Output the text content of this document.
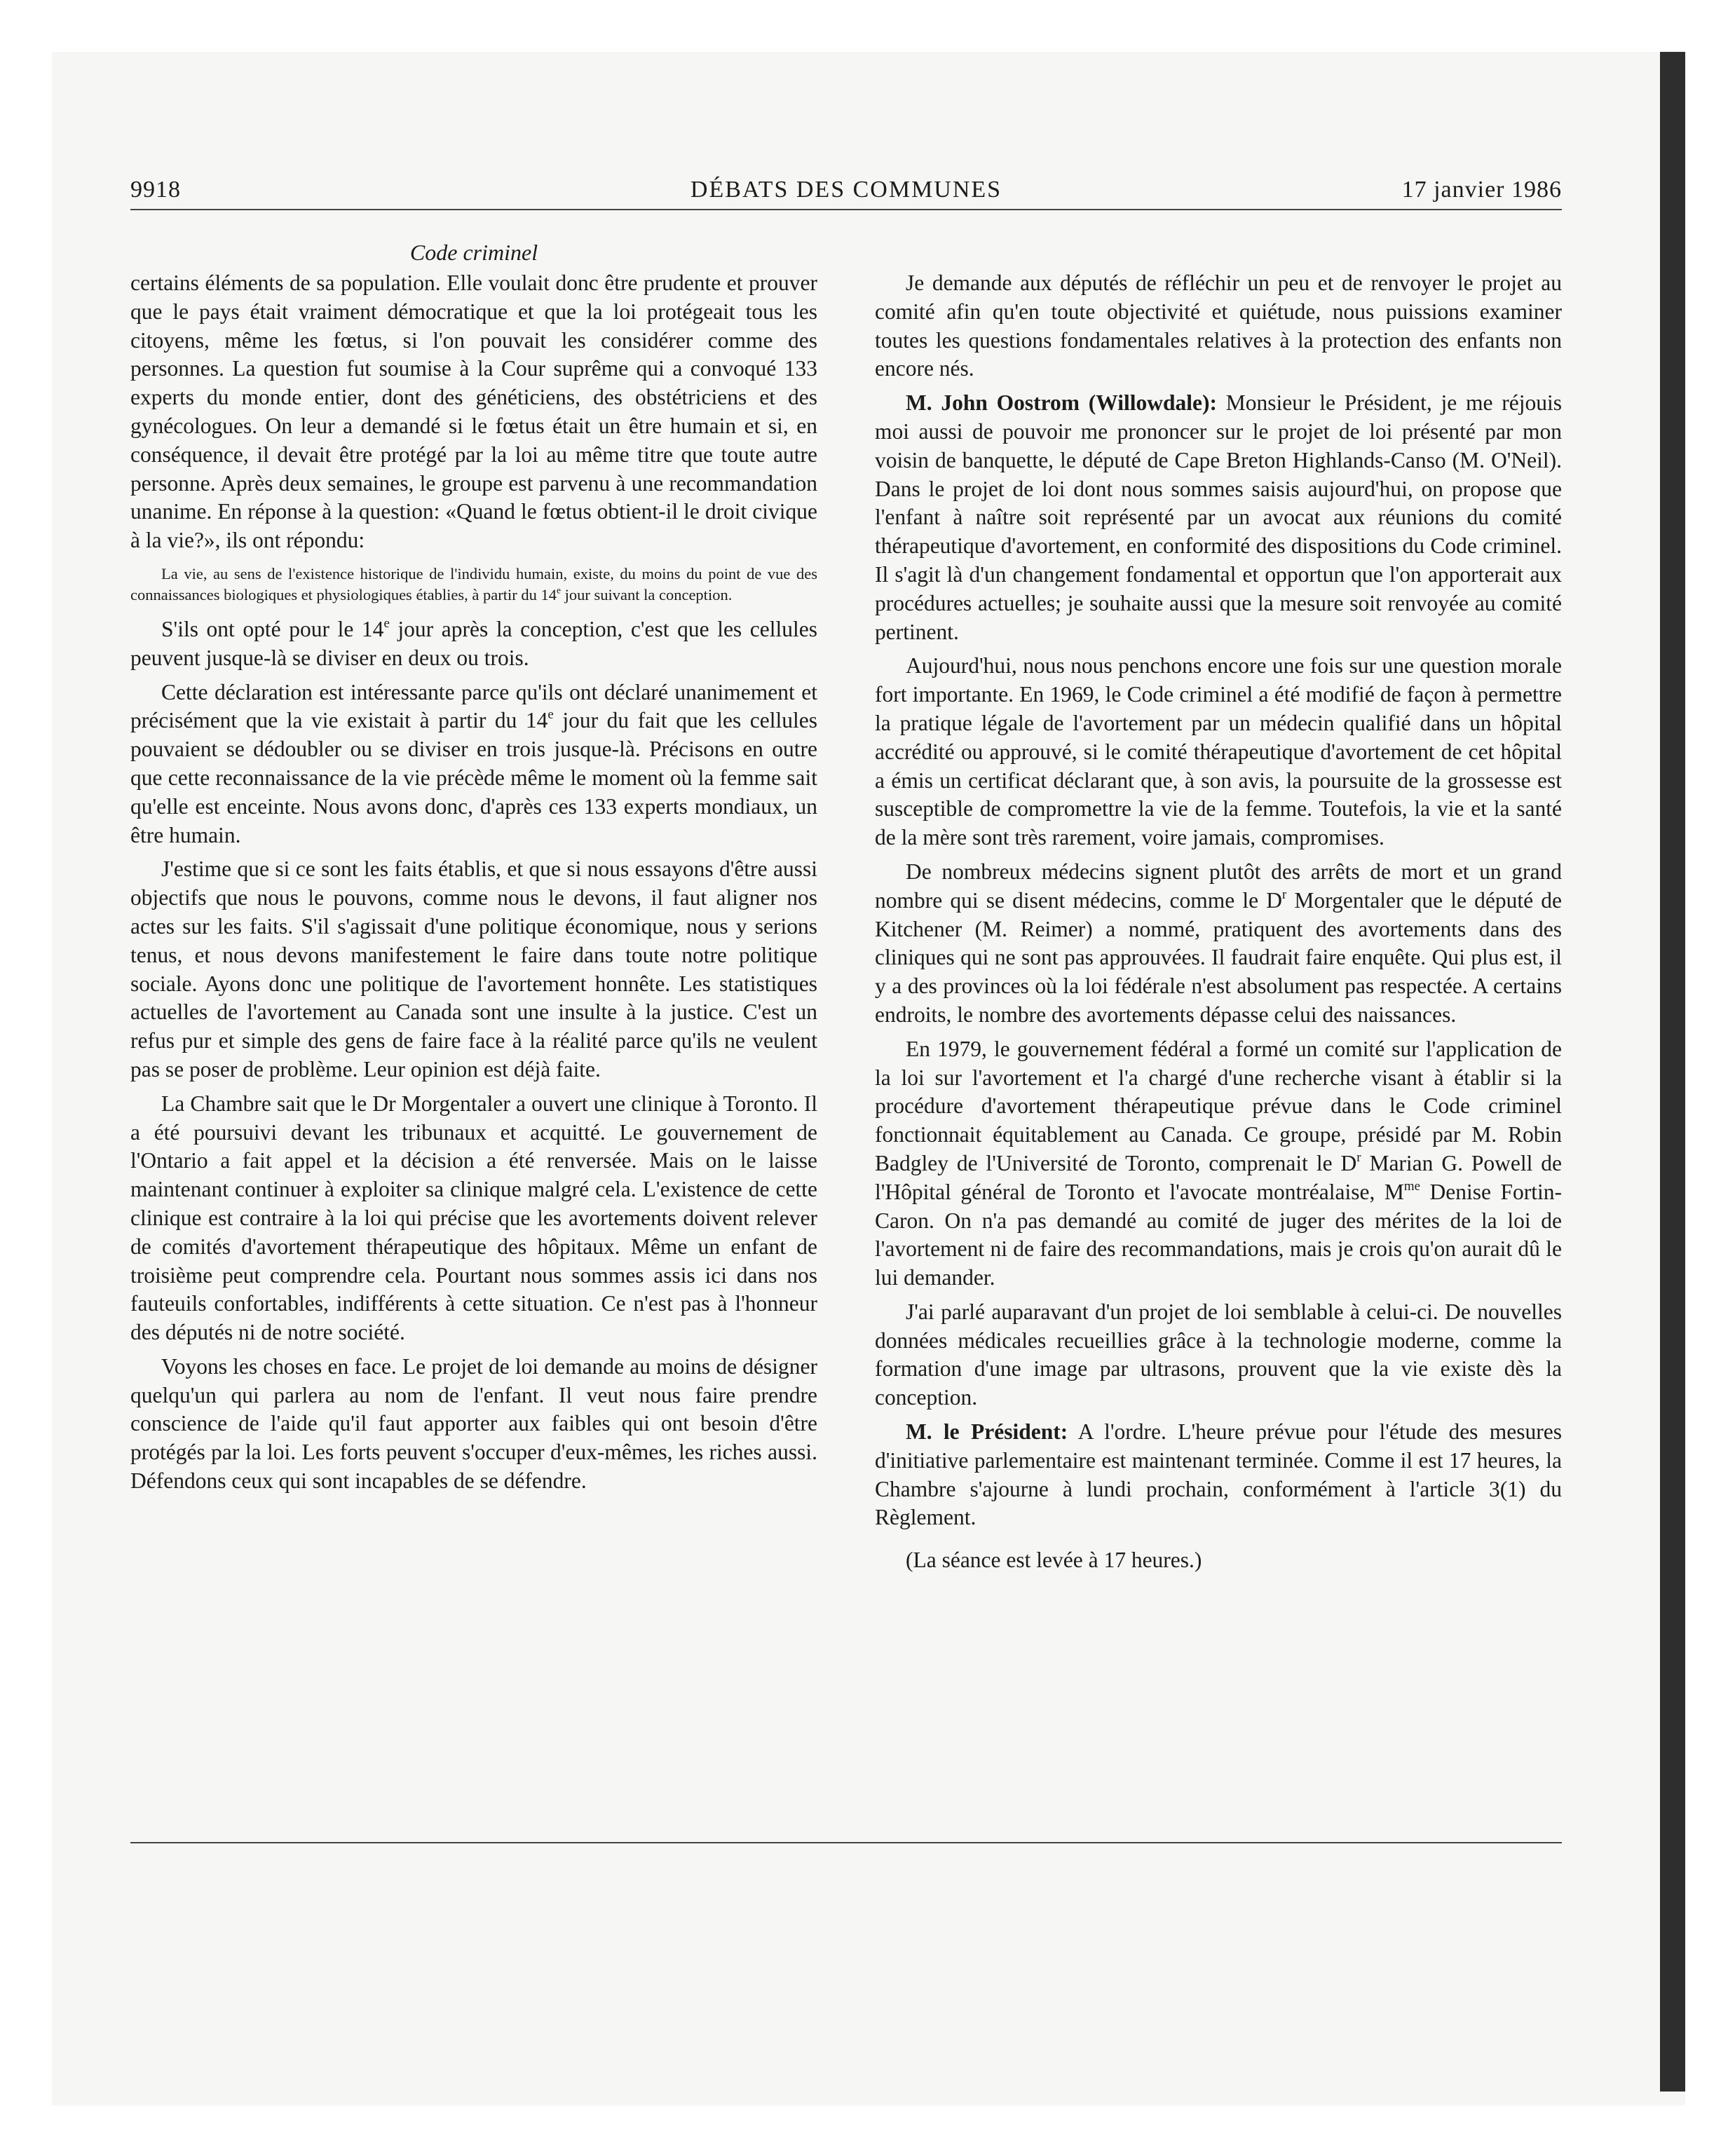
DÉBATS DES COMMUNES
9918	17 janvier 1986
Code criminel

certains éléments de sa population. Elle voulait donc être prudente et prouver que le pays était vraiment démocratique et que la loi protégeait tous les citoyens, même les fœtus, si l'on pouvait les considérer comme des personnes. La question fut soumise à la Cour suprême qui a convoqué 133 experts du monde entier, dont des généticiens, des obstétriciens et des gynécologues. On leur a demandé si le fœtus était un être humain et si, en conséquence, il devait être protégé par la loi au même titre que toute autre personne. Après deux semaines, le groupe est parvenu à une recommandation unanime. En réponse à la question: «Quand le fœtus obtient-il le droit civique à la vie?», ils ont répondu:

La vie, au sens de l'existence historique de l'individu humain, existe, du moins du point de vue des connaissances biologiques et physiologiques établies, à partir du 14e jour suivant la conception.

S'ils ont opté pour le 14e jour après la conception, c'est que les cellules peuvent jusque-là se diviser en deux ou trois.

Cette déclaration est intéressante parce qu'ils ont déclaré unanimement et précisément que la vie existait à partir du 14e jour du fait que les cellules pouvaient se dédoubler ou se diviser en trois jusque-là. Précisons en outre que cette reconnaissance de la vie précède même le moment où la femme sait qu'elle est enceinte. Nous avons donc, d'après ces 133 experts mondiaux, un être humain.

J'estime que si ce sont les faits établis, et que si nous essayons d'être aussi objectifs que nous le pouvons, comme nous le devons, il faut aligner nos actes sur les faits. S'il s'agissait d'une politique économique, nous y serions tenus, et nous devons manifestement le faire dans toute notre politique sociale. Ayons donc une politique de l'avortement honnête. Les statistiques actuelles de l'avortement au Canada sont une insulte à la justice. C'est un refus pur et simple des gens de faire face à la réalité parce qu'ils ne veulent pas se poser de problème. Leur opinion est déjà faite.

La Chambre sait que le Dr Morgentaler a ouvert une clinique à Toronto. Il a été poursuivi devant les tribunaux et acquitté. Le gouvernement de l'Ontario a fait appel et la décision a été renversée. Mais on le laisse maintenant continuer à exploiter sa clinique malgré cela. L'existence de cette clinique est contraire à la loi qui précise que les avortements doivent relever de comités d'avortement thérapeutique des hôpitaux. Même un enfant de troisième peut comprendre cela. Pourtant nous sommes assis ici dans nos fauteuils confortables, indifférents à cette situation. Ce n'est pas à l'honneur des députés ni de notre société.

Voyons les choses en face. Le projet de loi demande au moins de désigner quelqu'un qui parlera au nom de l'enfant. Il veut nous faire prendre conscience de l'aide qu'il faut apporter aux faibles qui ont besoin d'être protégés par la loi. Les forts peuvent s'occuper d'eux-mêmes, les riches aussi. Défendons ceux qui sont incapables de se défendre.

Je demande aux députés de réfléchir un peu et de renvoyer le projet au comité afin qu'en toute objectivité et quiétude, nous puissions examiner toutes les questions fondamentales relatives à la protection des enfants non encore nés.

M. John Oostrom (Willowdale): Monsieur le Président, je me réjouis moi aussi de pouvoir me prononcer sur le projet de loi présenté par mon voisin de banquette, le député de Cape Breton Highlands-Canso (M. O'Neil). Dans le projet de loi dont nous sommes saisis aujourd'hui, on propose que l'enfant à naître soit représenté par un avocat aux réunions du comité thérapeutique d'avortement, en conformité des dispositions du Code criminel. Il s'agit là d'un changement fondamental et opportun que l'on apporterait aux procédures actuelles; je souhaite aussi que la mesure soit renvoyée au comité pertinent.

Aujourd'hui, nous nous penchons encore une fois sur une question morale fort importante. En 1969, le Code criminel a été modifié de façon à permettre la pratique légale de l'avortement par un médecin qualifié dans un hôpital accrédité ou approuvé, si le comité thérapeutique d'avortement de cet hôpital a émis un certificat déclarant que, à son avis, la poursuite de la grossesse est susceptible de compromettre la vie de la femme. Toutefois, la vie et la santé de la mère sont très rarement, voire jamais, compromises.

De nombreux médecins signent plutôt des arrêts de mort et un grand nombre qui se disent médecins, comme le $D^r$ Morgentaler que le député de Kitchener (M. Reimer) a nommé, pratiquent des avortements dans des cliniques qui ne sont pas approuvées. Il faudrait faire enquête. Qui plus est, il y a des provinces où la loi fédérale n'est absolument pas respectée. A certains endroits, le nombre des avortements dépasse celui des naissances.

En 1979, le gouvernement fédéral a formé un comité sur l'application de la loi sur l'avortement et l'a chargé d'une recherche visant à établir si la procédure d'avortement thérapeutique prévue dans le Code criminel fonctionnait équitablement au Canada. Ce groupe, présidé par M. Robin Badgley de l'Université de Toronto, comprenait le $D^r$ Marian G. Powell de l'Hôpital général de Toronto et l'avocate montréalaise, $M^{me}$ Denise Fortin-Caron. On n'a pas demandé au comité de juger des mérites de la loi de l'avortement ni de faire des recommandations, mais je crois qu'on aurait dû le lui demander.

J'ai parlé auparavant d'un projet de loi semblable à celui-ci. De nouvelles données médicales recueillies grâce à la technologie moderne, comme la formation d'une image par ultrasons, prouvent que la vie existe dès la conception.

M. le Président: A l'ordre. L'heure prévue pour l'étude des mesures d'initiative parlementaire est maintenant terminée. Comme il est 17 heures, la Chambre s'ajourne à lundi prochain, conformément à l'article 3(1) du Règlement.

(La séance est levée à 17 heures.)
